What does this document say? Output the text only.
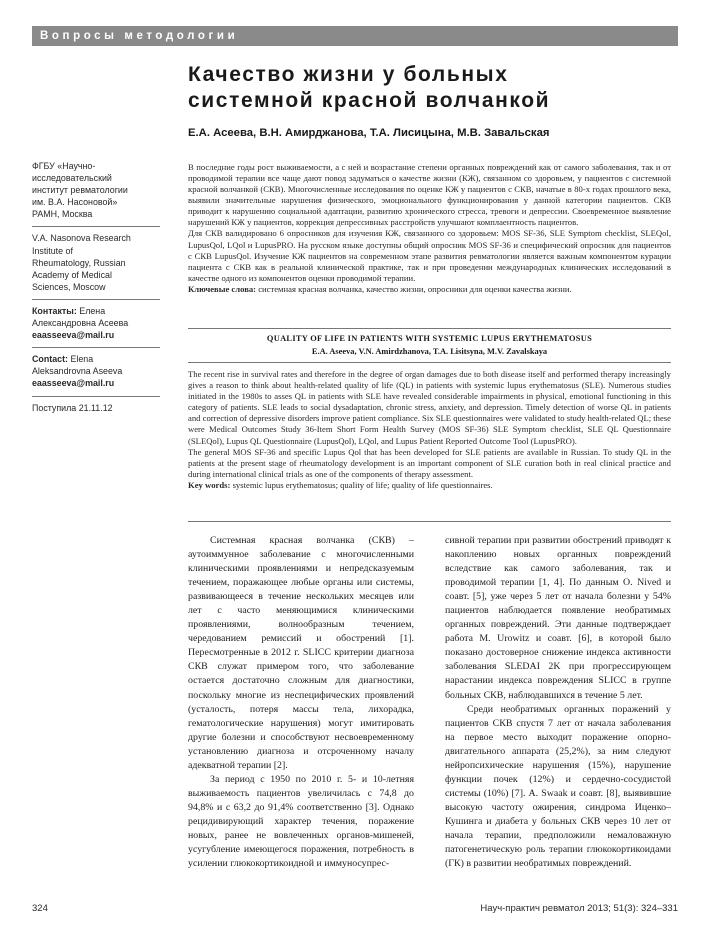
Вопросы методологии
Качество жизни у больных
системной красной волчанкой
Е.А. Асеева, В.Н. Амирджанова, Т.А. Лисицына, М.В. Завальская
ФГБУ «Научно-
исследовательский
институт ревматологии
им. В.А. Насоновой»
РАМН, Москва
V.A. Nasonova Research
Institute of
Rheumatology, Russian
Academy of Medical
Sciences, Moscow
Контакты: Елена
Александровна Асеева
eaasseeva@mail.ru
Contact: Elena
Aleksandrovna Aseeva
eaasseeva@mail.ru
Поступила 21.11.12

В последние годы рост выживаемости, а с ней и возрастание степени органных повреждений как от самого заболевания, так и от проводимой терапии все чаще дают повод задуматься о качестве жизни (КЖ), связанном со здоровьем, у пациентов с системной красной волчанкой (СКВ). Многочисленные исследования по оценке КЖ у пациентов с СКВ, начатые в 80-х годах прошлого века, выявили значительные нарушения физического, эмоционального функционирования у данной категории пациентов. СКВ приводит к нарушению социальной адаптации, развитию хронического стресса, тревоги и депрессии. Своевременное выявление нарушений КЖ у пациентов, коррекция депрессивных расстройств улучшают комплаентность пациентов.

Для СКВ валидировано 6 опросников для изучения КЖ, связанного со здоровьем: MOS SF-36, SLE Symptom checklist, SLEQol, LupusQol, LQol и LupusPRO. На русском языке доступны общий опросник MOS SF-36 и специфический опросник для пациентов с СКВ LupusQol. Изучение КЖ пациентов на современном этапе развития ревматологии является важным компонентом курации пациента с СКВ как в реальной клинической практике, так и при проведении международных клинических исследований в качестве одного из компонентов оценки проводимой терапии.

Ключевые слова: системная красная волчанка, качество жизни, опросники для оценки качества жизни.

QUALITY OF LIFE IN PATIENTS WITH SYSTEMIC LUPUS ERYTHEMATOSUS
E.A. Aseeva, V.N. Amirdzhanova, T.A. Lisitsyna, M.V. Zavalskaya

The recent rise in survival rates and therefore in the degree of organ damages due to both disease itself and performed therapy increasingly gives a reason to think about health-related quality of life (QL) in patients with systemic lupus erythematosus (SLE). Numerous studies initiated in the 1980s to asses QL in patients with SLE have revealed considerable impairments in physical, emotional functioning in this category of patients. SLE leads to social dysadaptation, chronic stress, anxiety, and depression. Timely detection of worse QL in patients and correction of depressive disorders improve patient compliance. Six SLE questionnaires were validated to study health-related QL; these were Medical Outcomes Study 36-Item Short Form Health Survey (MOS SF-36) SLE Symptom checklist, SLE QL Questionnaire (SLEQol), Lupus QL Questionnaire (LupusQol), LQol, and Lupus Patient Reported Outcome Tool (LupusPRO).

The general MOS SF-36 and specific Lupus Qol that has been developed for SLE patients are available in Russian. To study QL in the patients at the present stage of rheumatology development is an important component of SLE curation both in real clinical practice and during international clinical trials as one of the components of therapy assessment.

Key words: systemic lupus erythematosus; quality of life; quality of life questionnaires.

Системная красная волчанка (СКВ) – аутоиммунное заболевание с многочисленными клиническими проявлениями и непредсказуемым течением, поражающее любые органы или системы, развивающееся в течение нескольких месяцев или лет с часто меняющимися клиническими проявлениями, волнообразным течением, чередованием ремиссий и обострений [1]. Пересмотренные в 2012 г. SLICC критерии диагноза СКВ служат примером того, что заболевание остается достаточно сложным для диагностики, поскольку многие из неспецифических проявлений (усталость, потеря массы тела, лихорадка, гематологические нарушения) могут имитировать другие болезни и способствуют несвоевременному установлению диагноза и отсроченному началу адекватной терапии [2].

За период с 1950 по 2010 г. 5- и 10-летняя выживаемость пациентов увеличилась с 74,8 до 94,8% и с 63,2 до 91,4% соответственно [3]. Однако рецидивирующий характер течения, поражение новых, ранее не вовлеченных органов-мишеней, усугубление имеющегося поражения, потребность в усилении глюкокортикоидной и иммуносупрес-

сивной терапии при развитии обострений приводят к накоплению новых органных повреждений вследствие как самого заболевания, так и проводимой терапии [1, 4]. По данным О. Nived и соавт. [5], уже через 5 лет от начала болезни у 54% пациентов наблюдается появление необратимых органных повреждений. Эти данные подтверждает работа M. Urowitz и соавт. [6], в которой было показано достоверное снижение индекса активности заболевания SLEDAI 2K при прогрессирующем нарастании индекса повреждения SLICC в группе больных СКВ, наблюдавшихся в течение 5 лет.

Среди необратимых органных поражений у пациентов СКВ спустя 7 лет от начала заболевания на первое место выходит поражение опорно-двигательного аппарата (25,2%), за ним следуют нейропсихические нарушения (15%), нарушение функции почек (12%) и сердечно-сосудистой системы (10%) [7]. A. Swaak и соавт. [8], выявившие высокую частоту ожирения, синдрома Иценко–Кушинга и диабета у больных СКВ через 10 лет от начала терапии, предположили немаловажную патогенетическую роль терапии глюкокортикоидами (ГК) в развитии необратимых повреждений.

324	Науч-практич ревматол 2013; 51(3): 324–331
